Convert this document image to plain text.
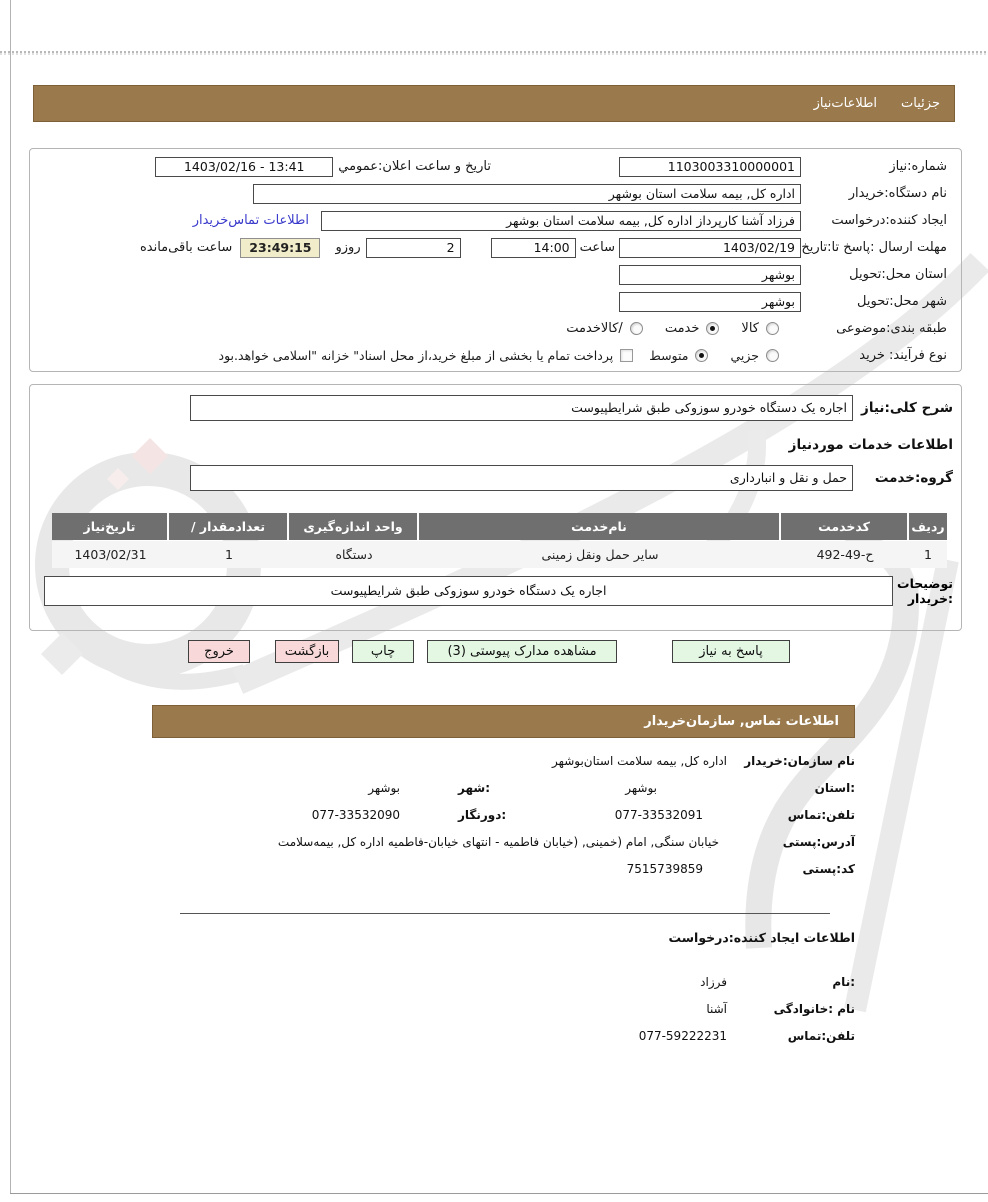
جزئیات
اطلاعات‌نیاز
شماره:نیاز
1103003310000001
تاریخ و ساعت اعلان:عمومي
1403/02/16 - 13:41
نام دستگاه:خریدار
اداره کل, بیمه سلامت استان بوشهر
ایجاد کننده:درخواست
فرزاد آشنا کارپرداز اداره کل, بیمه سلامت استان بوشهر
اطلاعات تماس‌خریدار
مهلت ارسال :پاسخ تا:تاریخ
1403/02/19
ساعت
14:00
2
روزو
23:49:15
ساعت باقی‌مانده
استان محل:تحویل
بوشهر
شهر محل:تحویل
بوشهر
طبقه بندی:موضوعی
کالا
خدمت
/کالاخدمت
نوع فرآیند: خرید
جزیي
متوسط
پرداخت تمام یا بخشی از مبلغ خرید،از محل اسناد" خزانه "اسلامی خواهد.بود
شرح کلی:نیاز
اجاره یک دستگاه خودرو سوزوکی طبق شرایطپیوست
اطلاعات خدمات موردنیاز
گروه:خدمت
حمل و نقل و انبارداری
ردیف
کدخدمت
نام‌خدمت
واحد اندازه‌گیری
تعدادمقدار /
تاریخ‌نیاز
1
ح-49-492
سایر حمل ونقل زمینی
دستگاه
1
1403/02/31
توضیحات
:خریدار
اجاره یک دستگاه خودرو سوزوکی طبق شرایطپیوست
پاسخ به نیاز
مشاهده مدارک پیوستی (3)
چاپ
بازگشت
خروج
اطلاعات تماس, سازمان‌خریدار
نام سازمان:خریدار
اداره کل, بیمه سلامت استان‌بوشهر
:استان
بوشهر
:شهر
بوشهر
تلفن:تماس
077-33532091
:دورنگار
077-33532090
آدرس:پستی
خیابان سنگی, امام (خمینی, (خیابان فاطمیه - انتهای خیابان-فاطمیه اداره کل, بیمه‌سلامت
کد:پستی
7515739859
اطلاعات ایجاد کننده:درخواست
:نام
فرزاد
نام :خانوادگی
آشنا
تلفن:تماس
077-59222231
